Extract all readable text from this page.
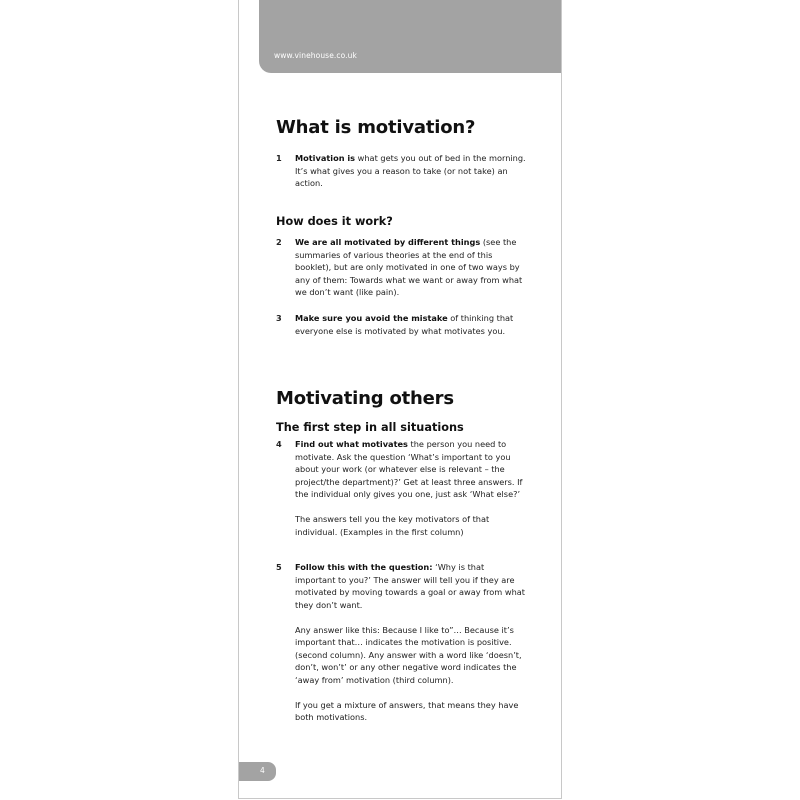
www.vinehouse.co.uk
What is motivation?
1 Motivation is what gets you out of bed in the morning. It’s what gives you a reason to take (or not take) an action.

How does it work?
2 We are all motivated by different things (see the summaries of various theories at the end of this booklet), but are only motivated in one of two ways by any of them: Towards what we want or away from what we don’t want (like pain).

3 Make sure you avoid the mistake of thinking that everyone else is motivated by what motivates you.

Motivating others
The first step in all situations
4 Find out what motivates the person you need to motivate. Ask the question ‘What’s important to you about your work (or whatever else is relevant – the project/the department)?’ Get at least three answers. If the individual only gives you one, just ask ‘What else?’

The answers tell you the key motivators of that individual. (Examples in the first column)

5 Follow this with the question: ‘Why is that important to you?’ The answer will tell you if they are motivated by moving towards a goal or away from what they don’t want.

Any answer like this: Because I like to”… Because it’s important that… indicates the motivation is positive. (second column). Any answer with a word like ‘doesn’t, don’t, won’t’ or any other negative word indicates the ‘away from’ motivation (third column).

If you get a mixture of answers, that means they have both motivations.

4
